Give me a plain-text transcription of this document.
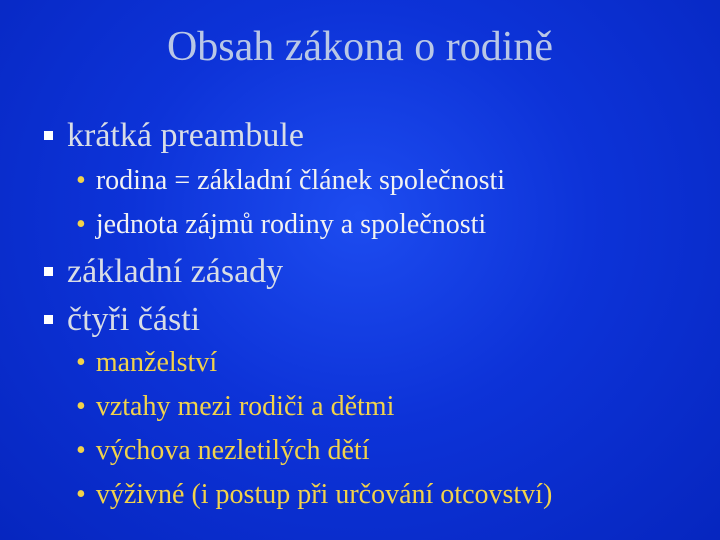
Obsah zákona o rodině
krátká preambule
• rodina = základní článek společnosti
• jednota zájmů rodiny a společnosti
základní zásady
čtyři části
• manželství
• vztahy mezi rodiči a dětmi
• výchova nezletilých dětí
• výživné (i postup při určování otcovství)
